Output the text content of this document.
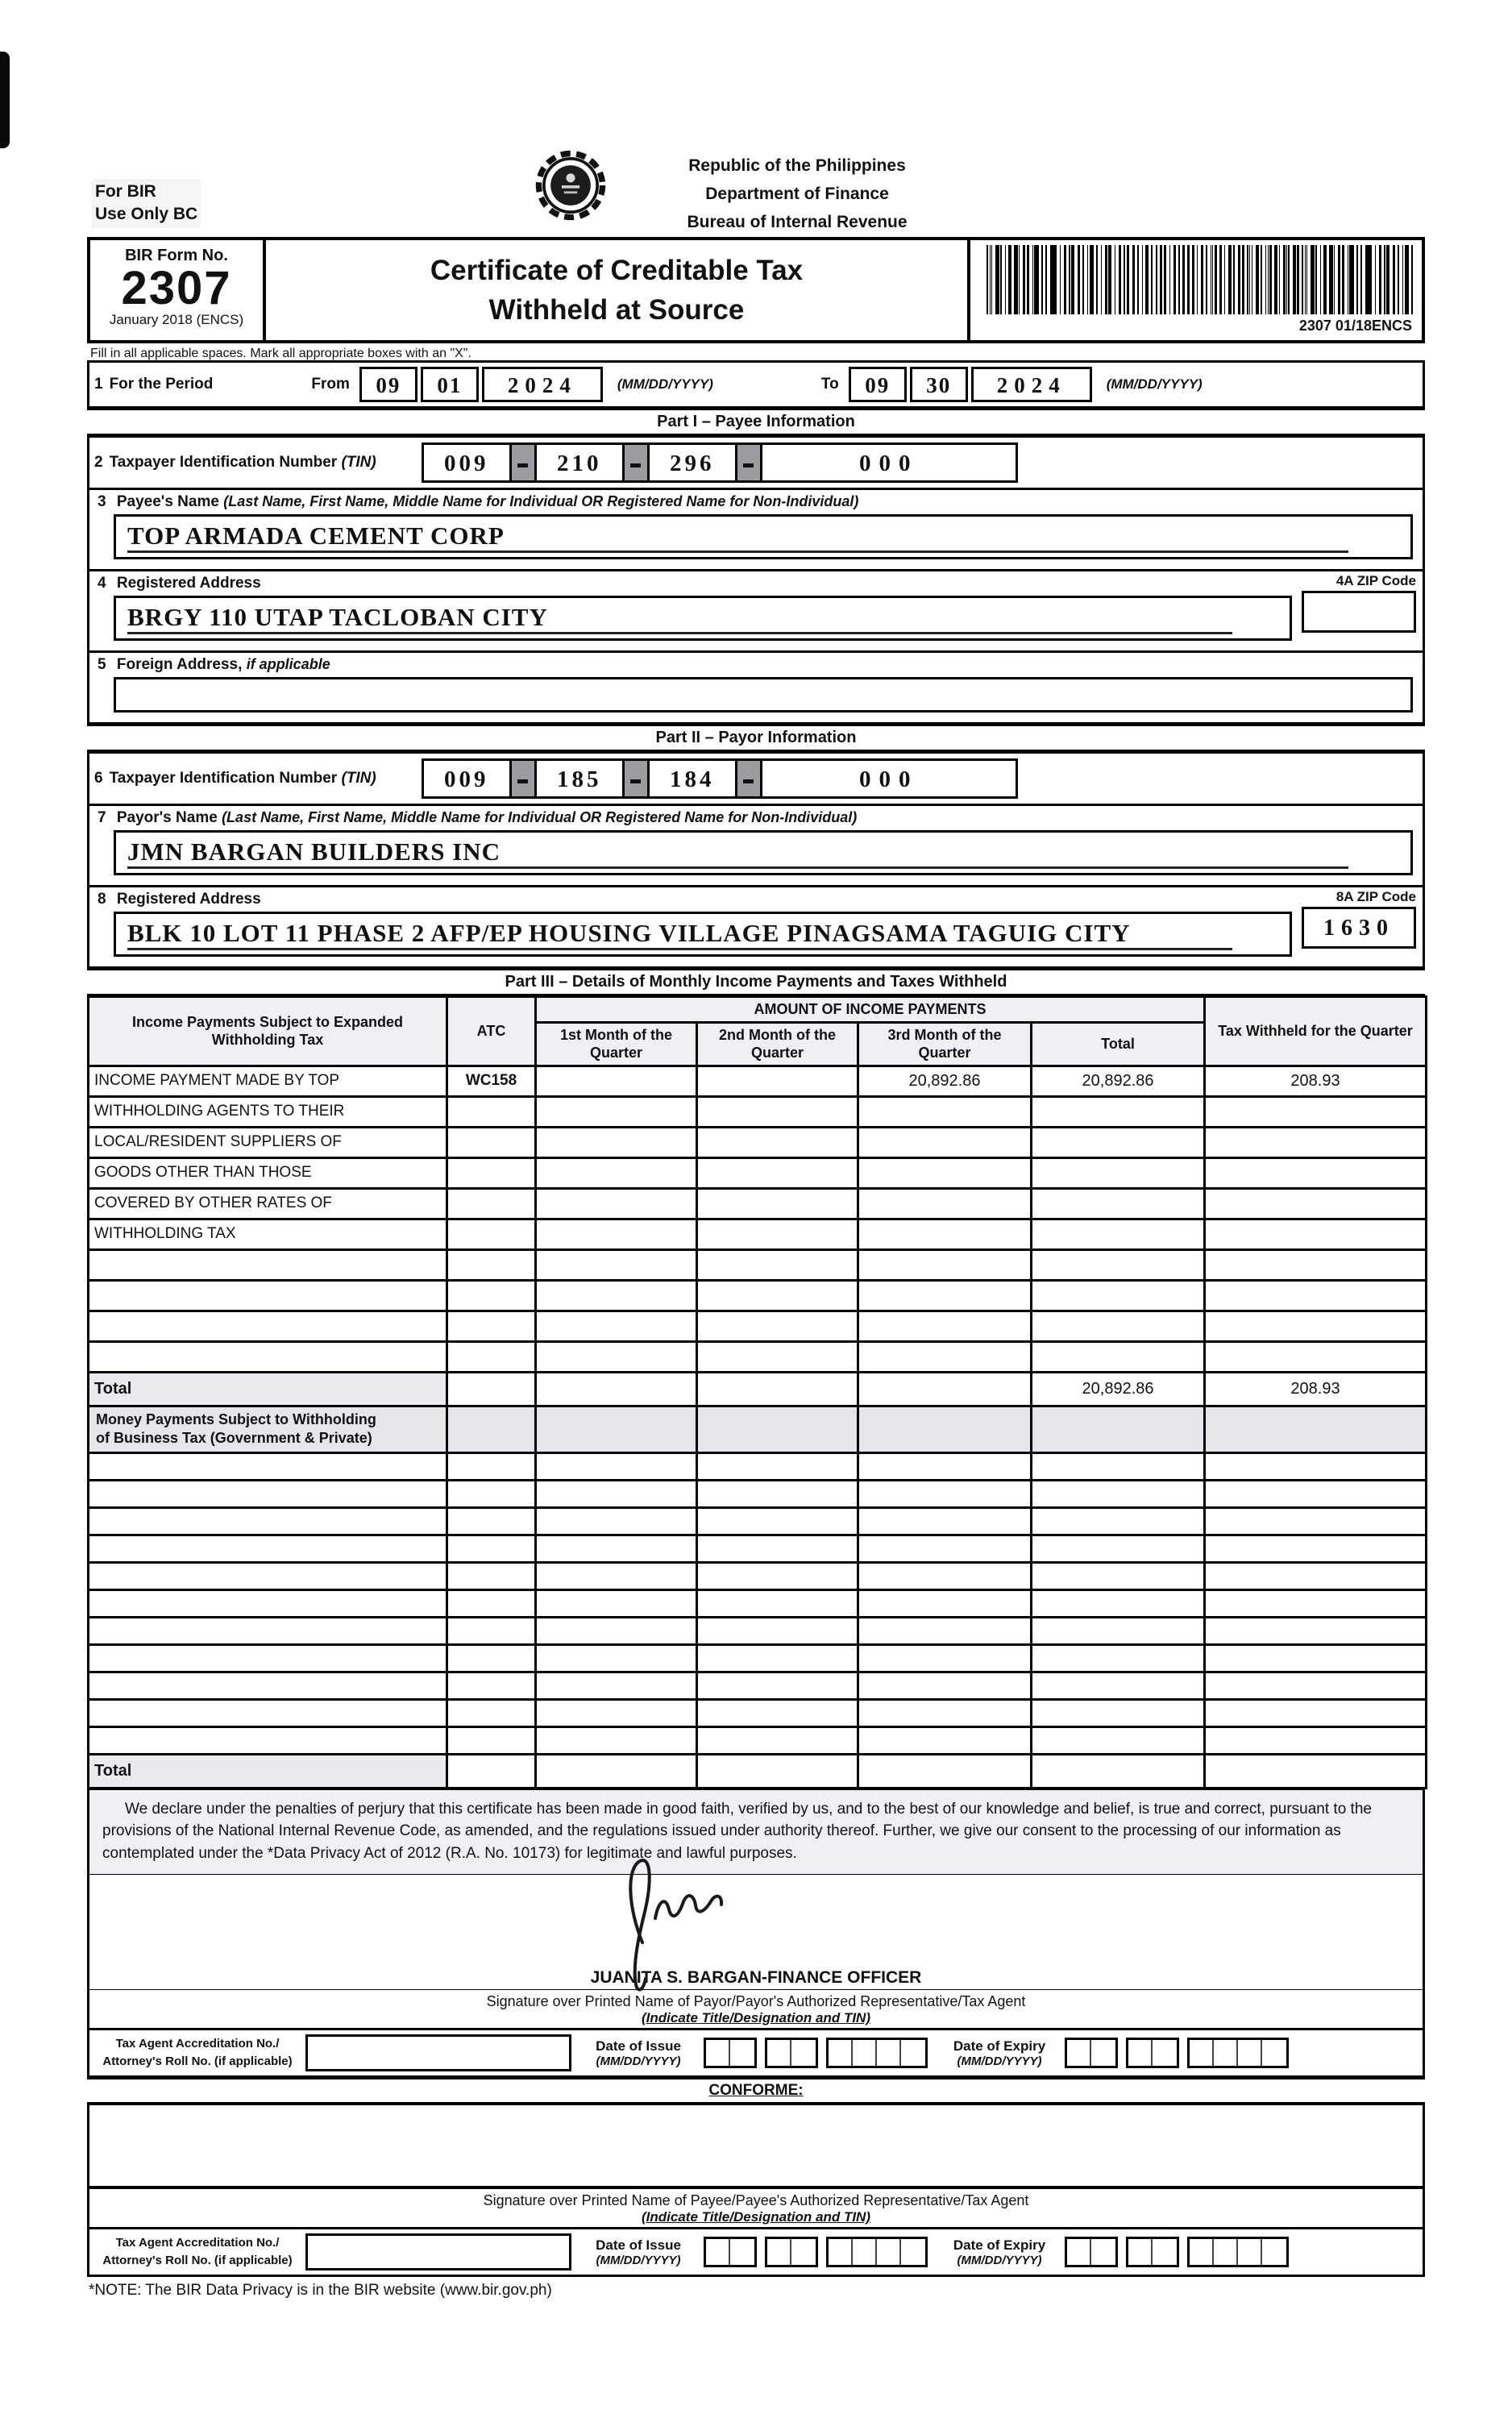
For BIR
Use Only BC
Republic of the Philippines
Department of Finance
Bureau of Internal Revenue
BIR Form No.
2307
January 2018 (ENCS)
Certificate of Creditable Tax
Withheld at Source	2307 01/18ENCS
Fill in all applicable spaces. Mark all appropriate boxes with an "X".
1 For the Period	From	09	01	2024	(MM/DD/YYYY)	To	09	30	2024	(MM/DD/YYYY)
Part I – Payee Information
2 Taxpayer Identification Number
(TIN)	009	210	296	000
3 Payee's Name (Last Name, First Name, Middle Name for Individual OR Registered Name for Non-Individual)
TOP ARMADA CEMENT CORP
4 Registered Address
BRGY 110 UTAP TACLOBAN CITY
4A ZIP Code
5 Foreign Address, if applicable
Part II – Payor Information
6 Taxpayer Identification Number
(TIN)	009	185	184	000
7 Payor's Name (Last Name, First Name, Middle Name for Individual OR Registered Name for Non-Individual)
JMN BARGAN BUILDERS INC
8 Registered Address
BLK 10 LOT 11 PHASE 2 AFP/EP HOUSING VILLAGE PINAGSAMA TAGUIG CITY
8A ZIP Code
1630
Part III – Details of Monthly Income Payments and Taxes Withheld
Income Payments Subject to Expanded Withholding Tax	ATC	AMOUNT OF INCOME PAYMENTS				Tax Withheld for the Quarter
		1st Month of the Quarter	2nd Month of the Quarter	3rd Month of the Quarter	Total	
INCOME PAYMENT MADE BY TOP	WC158			20,892.86	20,892.86	208.93
WITHHOLDING AGENTS TO THEIR						
LOCAL/RESIDENT SUPPLIERS OF						
GOODS OTHER THAN THOSE						
COVERED BY OTHER RATES OF						
WITHHOLDING TAX						

Total					20,892.86	208.93

Money Payments Subject to Withholding
of Business Tax (Government & Private)						

Total						

We declare under the penalties of perjury that this certificate has been made in good faith, verified by us, and to the best of our knowledge and belief, is true and correct, pursuant to the provisions of the National Internal Revenue Code, as amended, and the regulations issued under authority thereof. Further, we give our consent to the processing of our information as contemplated under the *Data Privacy Act of 2012 (R.A. No. 10173) for legitimate and lawful purposes.

JUANITA S. BARGAN-FINANCE OFFICER
Signature over Printed Name of Payor/Payor's Authorized Representative/Tax Agent
(Indicate Title/Designation and TIN)
Tax Agent Accreditation No./
Attorney's Roll No. (if applicable)
Date of Issue
(MM/DD/YYYY)
Date of Expiry
(MM/DD/YYYY)
CONFORME:
Signature over Printed Name of Payee/Payee's Authorized Representative/Tax Agent
(Indicate Title/Designation and TIN)
Tax Agent Accreditation No./
Attorney's Roll No. (if applicable)
Date of Issue
(MM/DD/YYYY)
Date of Expiry
(MM/DD/YYYY)
*NOTE: The BIR Data Privacy is in the BIR website (www.bir.gov.ph)
